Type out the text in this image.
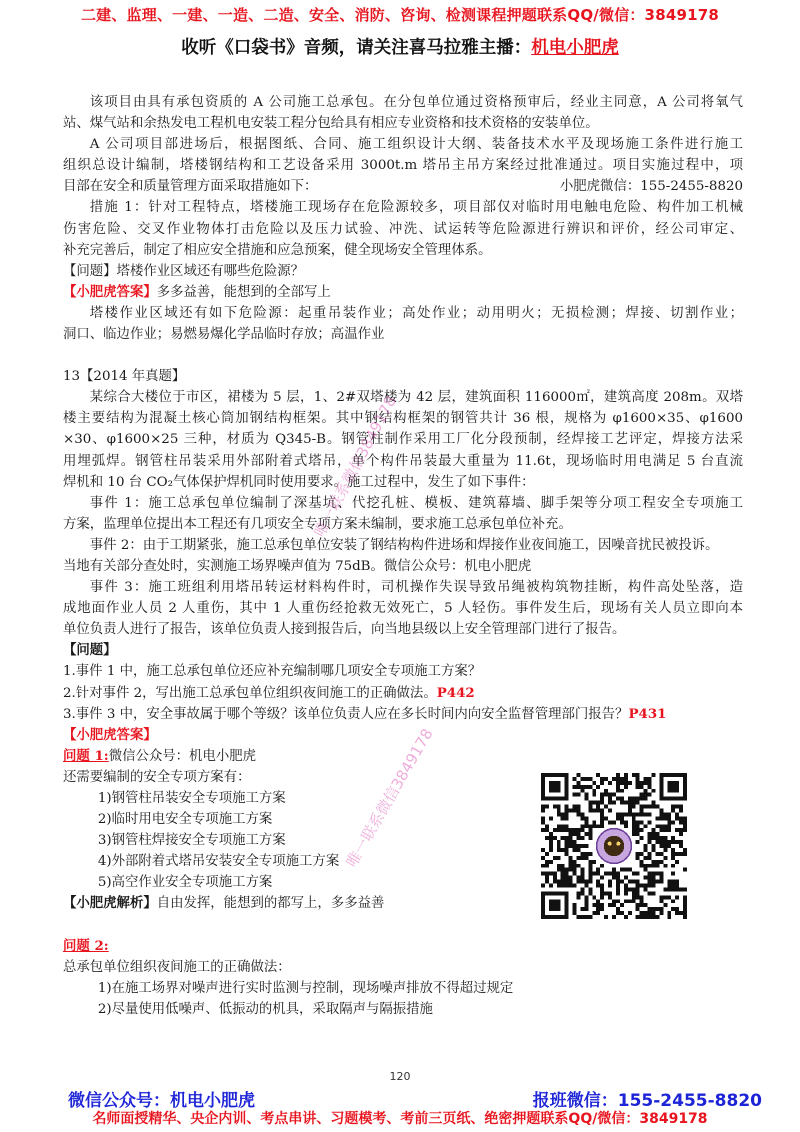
二建、监理、一建、一造、二造、安全、消防、咨询、检测课程押题联系QQ/微信：3849178
收听《口袋书》音频，请关注喜马拉雅主播：机电小肥虎

该项目由具有承包资质的 A 公司施工总承包。在分包单位通过资格预审后，经业主同意，A 公司将氧气

站、煤气站和余热发电工程机电安装工程分包给具有相应专业资格和技术资格的安装单位。

A 公司项目部进场后，根据图纸、合同、施工组织设计大纲、装备技术水平及现场施工条件进行施工

组织总设计编制，塔楼钢结构和工艺设备采用 3000t.m 塔吊主吊方案经过批准通过。项目实施过程中，项

目部在安全和质量管理方面采取措施如下：	小肥虎微信：155-2455-8820

措施 1：针对工程特点，塔楼施工现场存在危险源较多，项目部仅对临时用电触电危险、构件加工机械

伤害危险、交叉作业物体打击危险以及压力试验、冲洗、试运转等危险源进行辨识和评价，经公司审定、

补充完善后，制定了相应安全措施和应急预案，健全现场安全管理体系。

【问题】塔楼作业区域还有哪些危险源？

【小肥虎答案】多多益善，能想到的全部写上

塔楼作业区域还有如下危险源：起重吊装作业；高处作业；动用明火；无损检测；焊接、切割作业；

洞口、临边作业；易燃易爆化学品临时存放；高温作业

13【2014 年真题】

某综合大楼位于市区，裙楼为 5 层，1、2#双塔楼为 42 层，建筑面积 116000㎡，建筑高度 208m。双塔

楼主要结构为混凝土核心筒加钢结构框架。其中钢结构框架的钢管共计 36 根，规格为 φ1600×35、φ1600

×30、φ1600×25 三种，材质为 Q345-B。钢管柱制作采用工厂化分段预制，经焊接工艺评定，焊接方法采

用埋弧焊。钢管柱吊装采用外部附着式塔吊，单个构件吊装最大重量为 11.6t，现场临时用电满足 5 台直流

焊机和 10 台 CO₂气体保护焊机同时使用要求。施工过程中，发生了如下事件：

事件 1：施工总承包单位编制了深基坑、代挖孔桩、模板、建筑幕墙、脚手架等分项工程安全专项施工

方案，监理单位提出本工程还有几项安全专项方案未编制，要求施工总承包单位补充。

事件 2：由于工期紧张，施工总承包单位安装了钢结构构件进场和焊接作业夜间施工，因噪音扰民被投诉。

当地有关部分查处时，实测施工场界噪声值为 75dB。微信公众号：机电小肥虎

事件 3：施工班组利用塔吊转运材料构件时，司机操作失误导致吊绳被构筑物挂断，构件高处坠落，造

成地面作业人员 2 人重伤，其中 1 人重伤经抢救无效死亡，5 人轻伤。事件发生后，现场有关人员立即向本

单位负责人进行了报告，该单位负责人接到报告后，向当地县级以上安全管理部门进行了报告。

【问题】

1.事件 1 中，施工总承包单位还应补充编制哪几项安全专项施工方案？

2.针对事件 2，写出施工总承包单位组织夜间施工的正确做法。P442

3.事件 3 中，安全事故属于哪个等级？该单位负责人应在多长时间内向安全监督管理部门报告？P431

【小肥虎答案】

问题 1:微信公众号：机电小肥虎

还需要编制的安全专项方案有：

1)钢管柱吊装安全专项施工方案

2)临时用电安全专项施工方案

3)钢管柱焊接安全专项施工方案

4)外部附着式塔吊安装安全专项施工方案

5)高空作业安全专项施工方案

【小肥虎解析】自由发挥，能想到的都写上，多多益善

问题 2:

总承包单位组织夜间施工的正确做法：

1)在施工场界对噪声进行实时监测与控制，现场噪声排放不得超过规定

2)尽量使用低噪声、低振动的机具，采取隔声与隔振措施

唯一联系微信3849178
唯一联系微信3849178
120
微信公众号：机电小肥虎	报班微信：155-2455-8820
名师面授精华、央企内训、考点串讲、习题模考、考前三页纸、绝密押题联系QQ/微信：3849178
